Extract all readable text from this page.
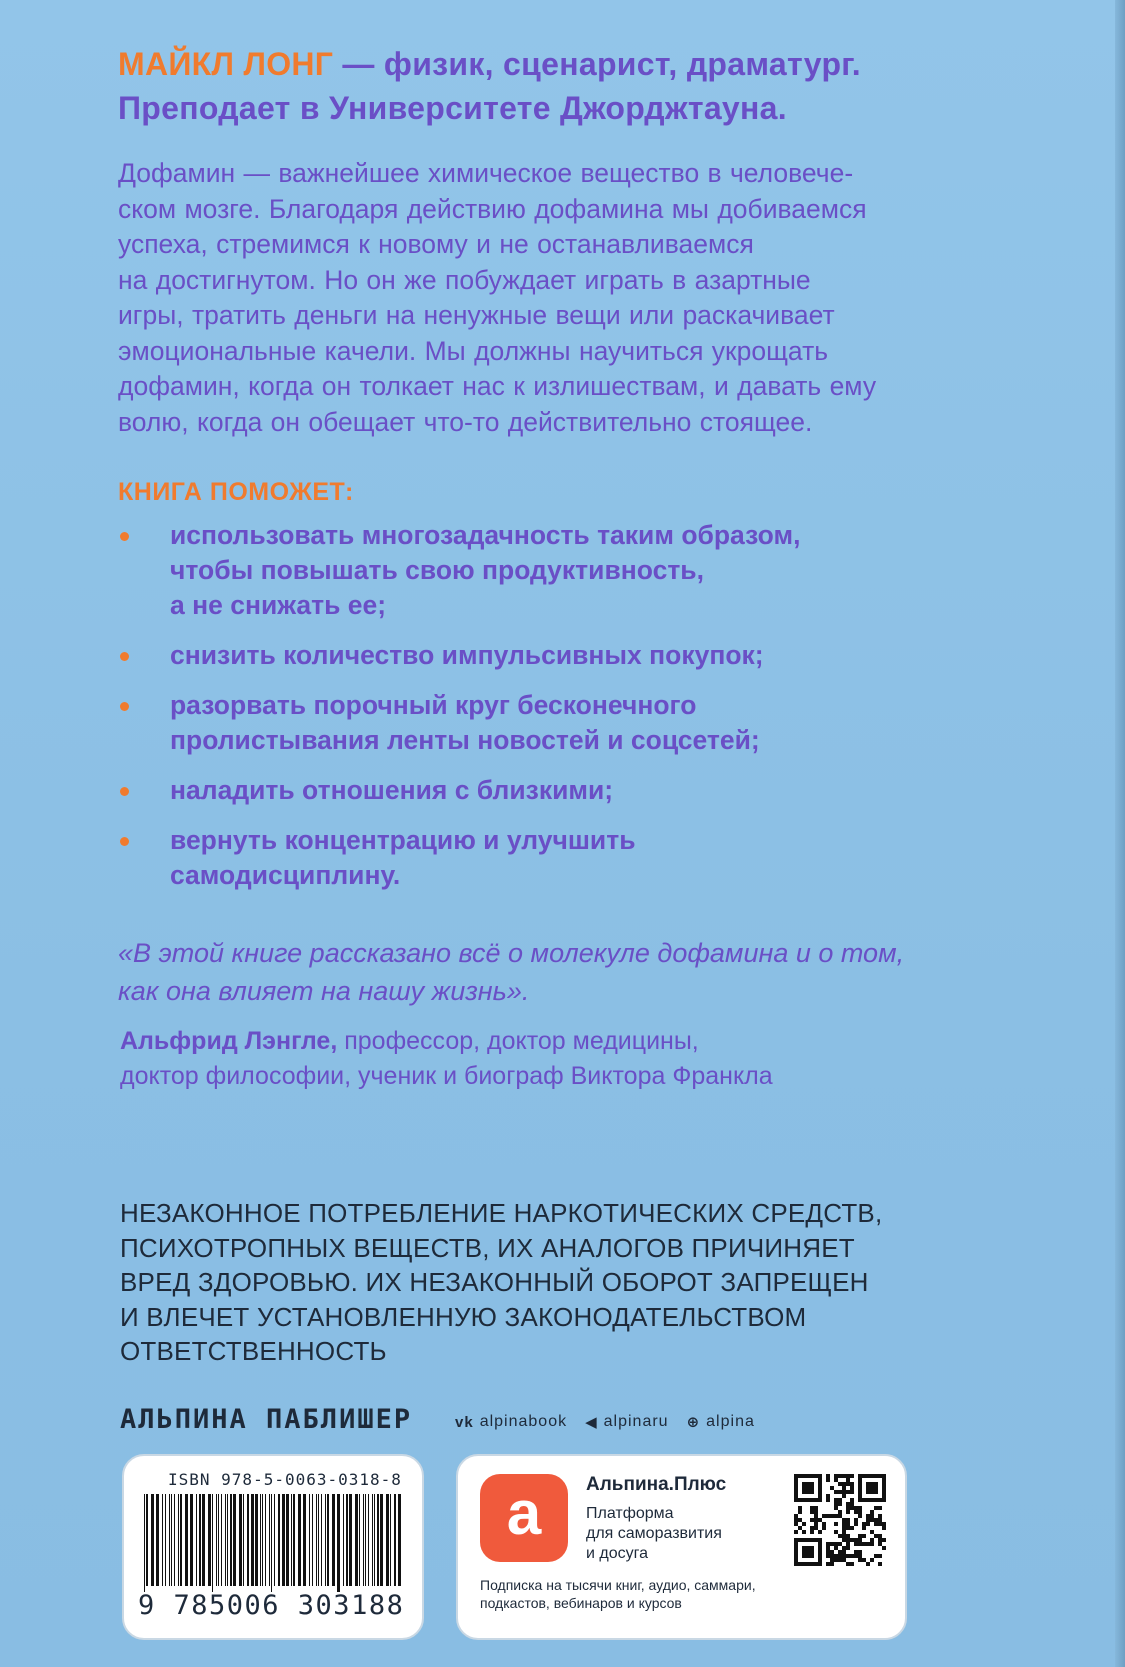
МАЙКЛ ЛОНГ — физик, сценарист, драматург.
Преподает в Университете Джорджтауна.
Дофамин — важнейшее химическое вещество в человече-
ском мозге. Благодаря действию дофамина мы добиваемся
успеха, стремимся к новому и не останавливаемся
на достигнутом. Но он же побуждает играть в азартные
игры, тратить деньги на ненужные вещи или раскачивает
эмоциональные качели. Мы должны научиться укрощать
дофамин, когда он толкает нас к излишествам, и давать ему
волю, когда он обещает что-то действительно стоящее.
КНИГА ПОМОЖЕТ:
использовать многозадачность таким образом,
чтобы повышать свою продуктивность,
а не снижать ее;
снизить количество импульсивных покупок;
разорвать порочный круг бесконечного
пролистывания ленты новостей и соцсетей;
наладить отношения с близкими;
вернуть концентрацию и улучшить
самодисциплину.
«В этой книге рассказано всё о молекуле дофамина и о том,
как она влияет на нашу жизнь».
Альфрид Лэнгле, профессор, доктор медицины,
доктор философии, ученик и биограф Виктора Франкла
НЕЗАКОННОЕ ПОТРЕБЛЕНИЕ НАРКОТИЧЕСКИХ СРЕДСТВ,
ПСИХОТРОПНЫХ ВЕЩЕСТВ, ИХ АНАЛОГОВ ПРИЧИНЯЕТ
ВРЕД ЗДОРОВЬЮ. ИХ НЕЗАКОННЫЙ ОБОРОТ ЗАПРЕЩЕН
И ВЛЕЧЕТ УСТАНОВЛЕННУЮ ЗАКОНОДАТЕЛЬСТВОМ
ОТВЕТСТВЕННОСТЬ
АЛЬПИНА ПАБЛИШЕР	vk alpinabook ◀ alpinaru ⊕ alpina
ISBN 978-5-0063-0318-8
9 785006 303188
a Альпина.Плюс
Платформа
для саморазвития
и досуга
Подписка на тысячи книг, аудио, саммари,
подкастов, вебинаров и курсов
